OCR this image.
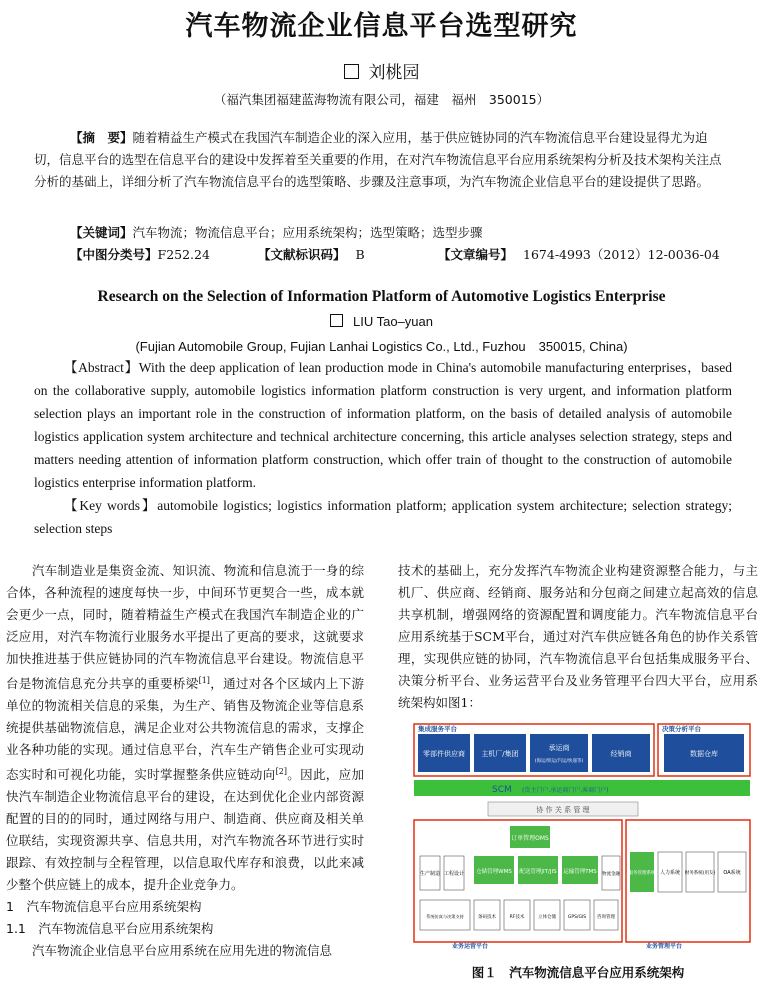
汽车物流企业信息平台选型研究
刘桃园
（福汽集团福建蓝海物流有限公司，福建　福州　350015）
【摘　要】随着精益生产模式在我国汽车制造企业的深入应用，基于供应链协同的汽车物流信息平台建设显得尤为迫切，信息平台的选型在信息平台的建设中发挥着至关重要的作用，在对汽车物流信息平台应用系统架构分析及技术架构关注点分析的基础上，详细分析了汽车物流信息平台的选型策略、步骤及注意事项，为汽车物流企业信息平台的建设提供了思路。
【关键词】汽车物流；物流信息平台；应用系统架构；选型策略；选型步骤
【中图分类号】F252.24	【文献标识码】 B	【文章编号】 1674-4993（2012）12-0036-04
Research on the Selection of Information Platform of Automotive Logistics Enterprise
LIU Tao–yuan
(Fujian Automobile Group, Fujian Lanhai Logistics Co., Ltd., Fuzhou　350015, China)
【Abstract】With the deep application of lean production mode in China's automobile manufacturing enterprises，based on the collaborative supply, automobile logistics information platform construction is very urgent, and information platform selection plays an important role in the construction of information platform, on the basis of detailed analysis of automobile logistics application system architecture and technical architecture concerning, this article analyses selection strategy, steps and matters needing attention of information platform construction, which offer train of thought to the construction of automobile logistics enterprise information platform.
【Key words】automobile logistics; logistics information platform; application system architecture; selection strategy; selection steps

汽车制造业是集资金流、知识流、物流和信息流于一身的综合体，各种流程的速度每快一步，中间环节更契合一些，成本就会更少一点，同时，随着精益生产模式在我国汽车制造企业的广泛应用，对汽车物流行业服务水平提出了更高的要求，这就要求加快推进基于供应链协同的汽车物流信息平台建设。物流信息平台是物流信息充分共享的重要桥梁[1]，通过对各个区域内上下游单位的物流相关信息的采集，为生产、销售及物流企业等信息系统提供基础物流信息，满足企业对公共物流信息的需求，支撑企业各种功能的实现。通过信息平台，汽车生产销售企业可实现动态实时和可视化功能，实时掌握整条供应链动向[2]。因此，应加快汽车制造企业物流信息平台的建设，在达到优化企业内部资源配置的目的的同时，通过网络与用户、制造商、供应商及相关单位联结，实现资源共享、信息共用，对汽车物流各环节进行实时跟踪、有效控制与全程管理，以信息取代库存和浪费，以此来减少整个供应链上的成本，提升企业竞争力。

1　汽车物流信息平台应用系统架构

1.1　汽车物流信息平台应用系统架构

汽车物流企业信息平台应用系统在应用先进的物流信息

技术的基础上，充分发挥汽车物流企业构建资源整合能力，与主机厂、供应商、经销商、服务站和分包商之间建立起高效的信息共享机制，增强网络的资源配置和调度能力。汽车物流信息平台应用系统基于SCM平台，通过对汽车供应链各角色的协作关系管理，实现供应链的协同，汽车物流信息平台包括集成服务平台、决策分析平台、业务运营平台及业务管理平台四大平台，应用系统架构如图1：

集成服务平台
零部件供应商 主机厂/集团
承运商
(海运/铁运/汽运/快递等)
经销商
决策分析平台
数据仓库
SCM (货主门户,承运商门户,客商门户)
协 作 关 系 管 理
订单管理OMS
生产制造 工程设计 仓储管理WMS 配送管理JIT/JIS 运输管理TMS 物流金融 服务管理系统 人力系统 财务系统(用友) OA系统
系统仿真与决策支持	条码技术	RF技术	立体仓储	GPS/GIS 咨询管理
业务运营平台	业务管理平台
图１　汽车物流信息平台应用系统架构
